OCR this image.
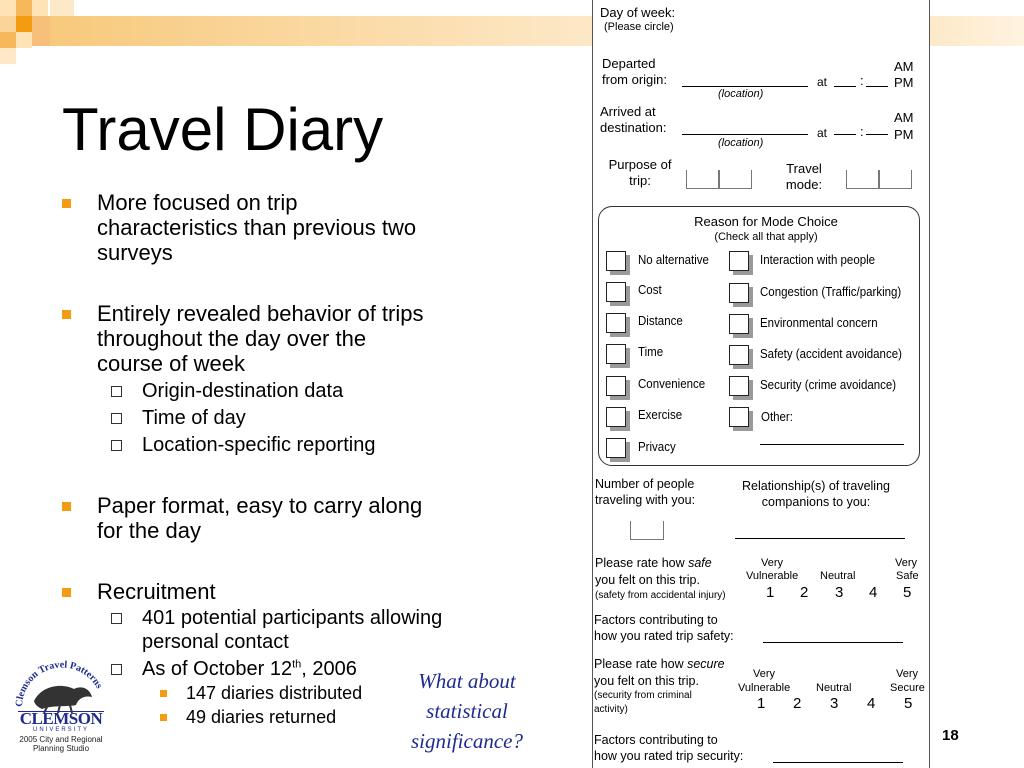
Travel Diary
More focused on trip
characteristics than previous two
surveys
Entirely revealed behavior of trips
throughout the day over the
course of week
Origin-destination data
Time of day
Location-specific reporting
Paper format, easy to carry along
for the day
Recruitment
401 potential participants allowing
personal contact
As of October 12th, 2006
147 diaries distributed
49 diaries returned
What about
statistical
significance?
Clemson Travel Patterns
CLEMSON
UNIVERSITY
2005 City and Regional
Planning Studio
Day of week:
(Please circle)
Departed
from origin:	at	:
(location)
AM
PM
Arrived at
destination:	at	:
(location)
AM
PM
Purpose of
trip:
Travel
mode:
Reason for Mode Choice
(Check all that apply)
No alternative
Cost
Distance
Time
Convenience
Exercise
Privacy
Interaction with people
Congestion (Traffic/parking)
Environmental concern
Safety (accident avoidance)
Security (crime avoidance)
Other:
Number of people
traveling with you:
Relationship(s) of traveling
companions to you:
Please rate how safe
you felt on this trip.
(safety from accidental injury)
Very
Vulnerable Neutral
Very
Safe
1 2 3 4 5
Factors contributing to
how you rated trip safety:
Please rate how secure
you felt on this trip.
(security from criminal
activity)
Very
Vulnerable Neutral
Very
Secure
1 2 3 4 5
Factors contributing to
how you rated trip security:
18
